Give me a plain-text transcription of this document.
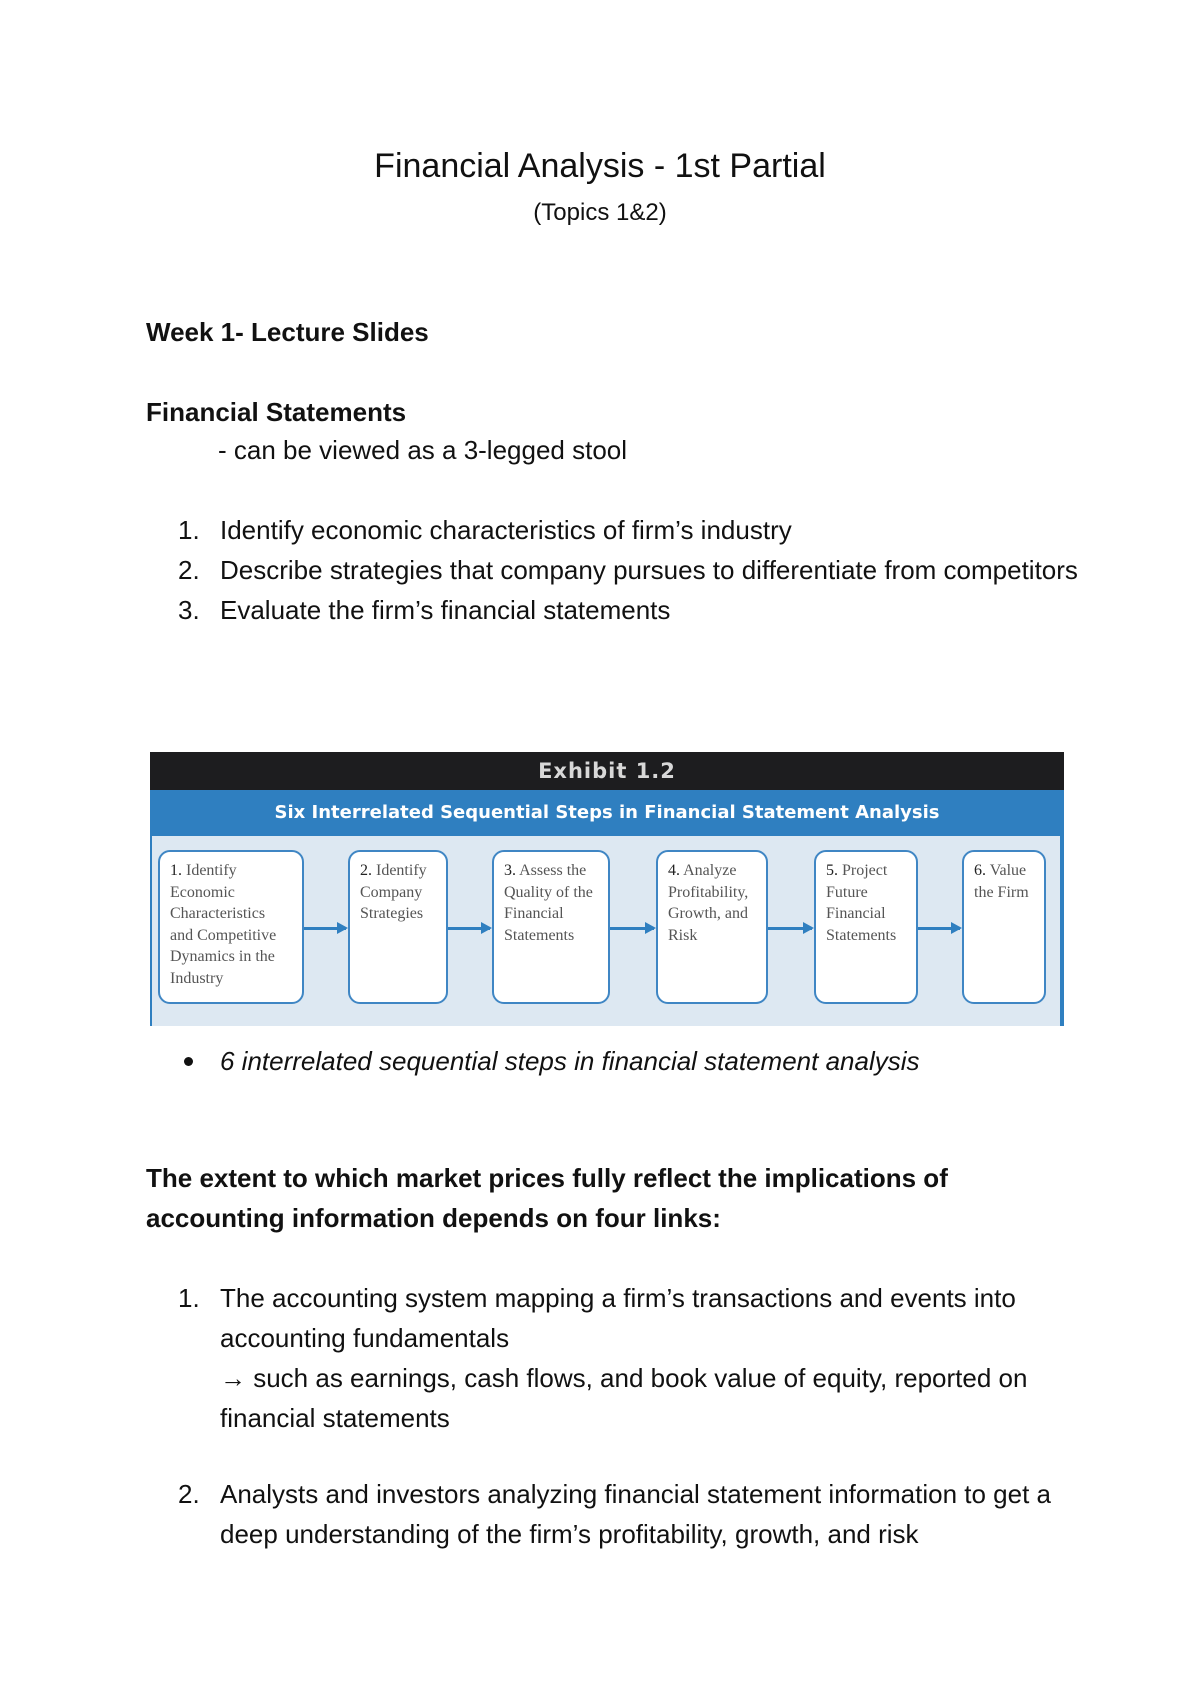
Financial Analysis - 1st Partial
(Topics 1&2)
Week 1- Lecture Slides
Financial Statements
- can be viewed as a 3-legged stool
1. Identify economic characteristics of firm’s industry
2. Describe strategies that company pursues to differentiate from competitors
3. Evaluate the firm’s financial statements
Exhibit 1.2
Six Interrelated Sequential Steps in Financial Statement Analysis
1. Identify Economic Characteristics and Competitive Dynamics in the Industry
2. Identify Company Strategies
3. Assess the Quality of the Financial Statements
4. Analyze Profitability, Growth, and Risk
5. Project Future Financial Statements
6. Value the Firm
6 interrelated sequential steps in financial statement analysis
The extent to which market prices fully reflect the implications of accounting information depends on four links:
1. The accounting system mapping a firm’s transactions and events into accounting fundamentals
→ such as earnings, cash flows, and book value of equity, reported on financial statements
2. Analysts and investors analyzing financial statement information to get a deep understanding of the firm’s profitability, growth, and risk
